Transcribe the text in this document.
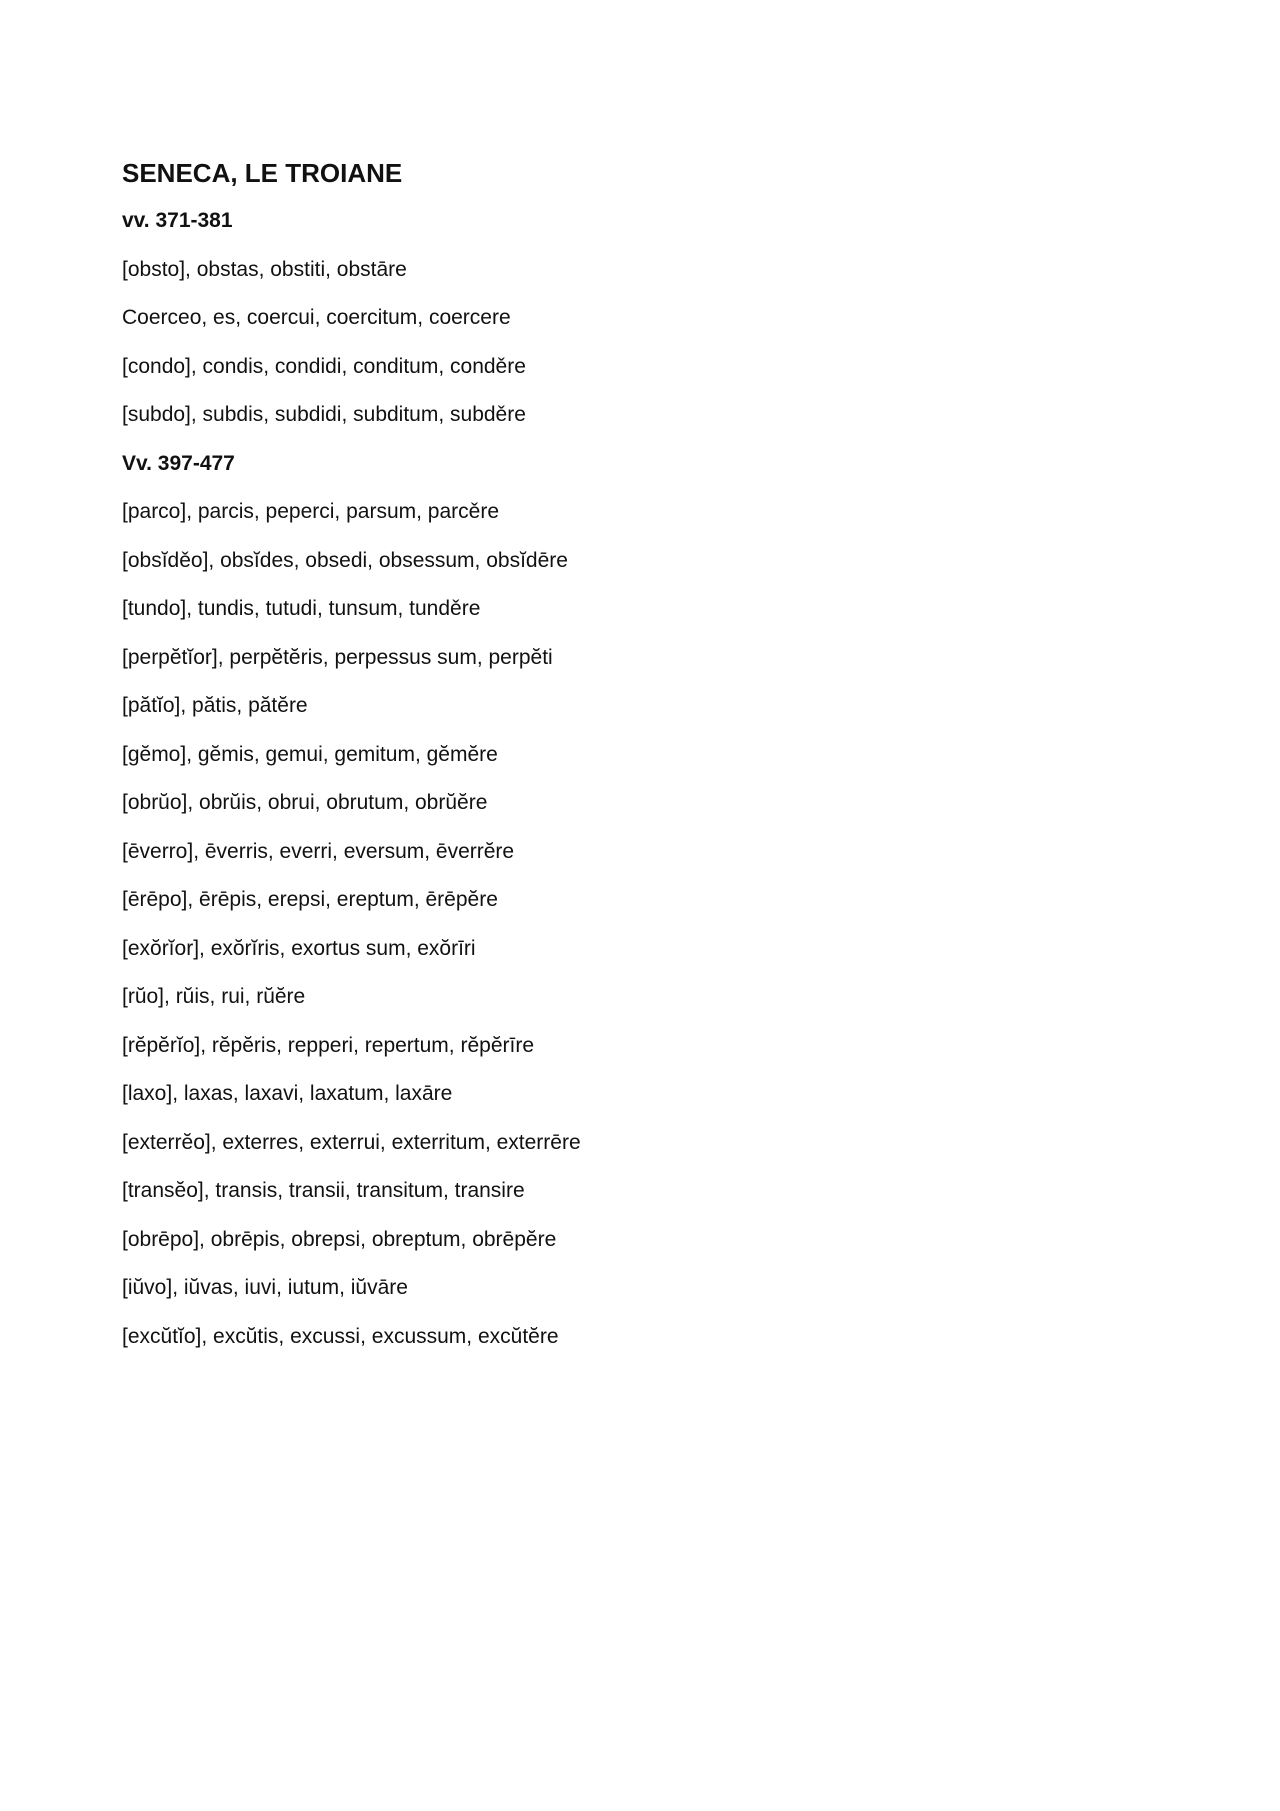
SENECA, LE TROIANE
vv. 371-381
[obsto], obstas, obstiti, obstāre
Coerceo, es, coercui, coercitum, coercere
[condo], condis, condidi, conditum, conděre
[subdo], subdis, subdidi, subditum, subděre
Vv. 397-477
[parco], parcis, peperci, parsum, parcěre
[obsĭděo], obsĭdes, obsedi, obsessum, obsĭdēre
[tundo], tundis, tutudi, tunsum, tunděre
[perpĕtĭor], perpĕtĕris, perpessus sum, perpĕti
[pătĭo], pătis, pătĕre
[gĕmo], gĕmis, gemui, gemitum, gĕmĕre
[obrŭo], obrŭis, obrui, obrutum, obrŭĕre
[ēverro], ēverris, everri, eversum, ēverrĕre
[ērēpo], ērēpis, erepsi, ereptum, ērēpĕre
[exŏrĭor], exŏrĭris, exortus sum, exŏrīri
[rŭo], rŭis, rui, rŭĕre
[rĕpĕrĭo], rĕpĕris, repperi, repertum, rĕpĕrīre
[laxo], laxas, laxavi, laxatum, laxāre
[exterrĕo], exterres, exterrui, exterritum, exterrēre
[transĕo], transis, transii, transitum, transire
[obrēpo], obrēpis, obrepsi, obreptum, obrēpĕre
[iŭvo], iŭvas, iuvi, iutum, iŭvāre
[excŭtĭo], excŭtis, excussi, excussum, excŭtĕre
